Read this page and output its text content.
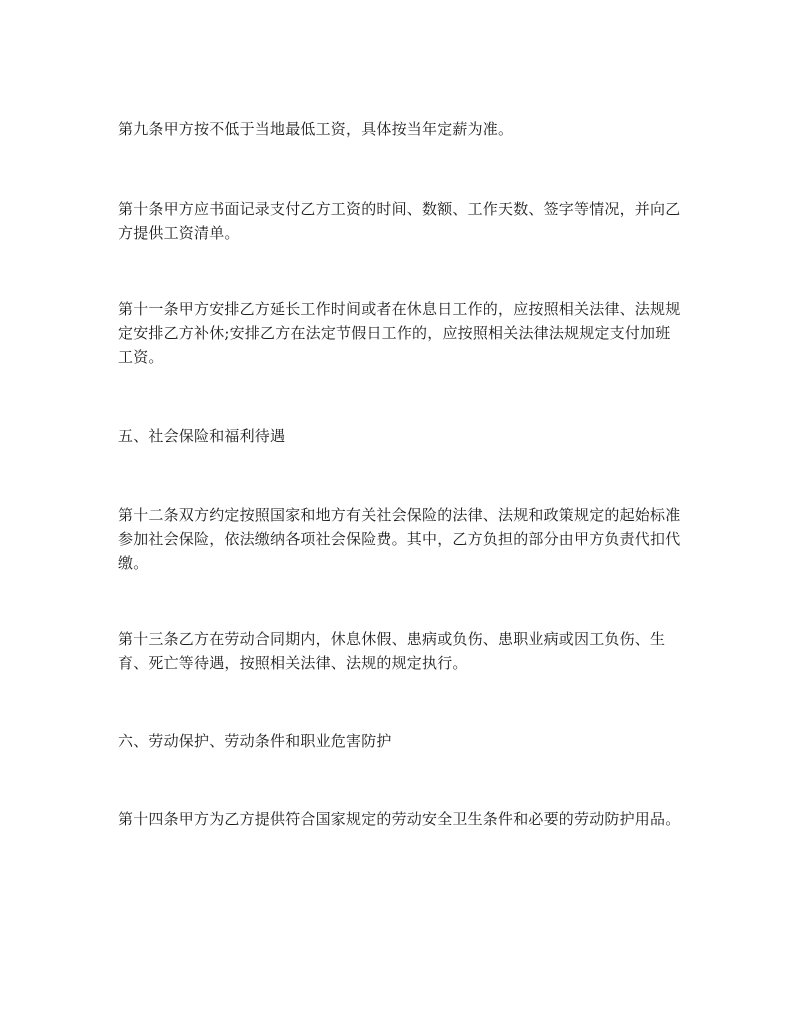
第九条甲方按不低于当地最低工资，具体按当年定薪为准。

第十条甲方应书面记录支付乙方工资的时间、数额、工作天数、签字等情况，并向乙方提供工资清单。

第十一条甲方安排乙方延长工作时间或者在休息日工作的，应按照相关法律、法规规定安排乙方补休;安排乙方在法定节假日工作的，应按照相关法律法规规定支付加班工资。

五、社会保险和福利待遇

第十二条双方约定按照国家和地方有关社会保险的法律、法规和政策规定的起始标准参加社会保险，依法缴纳各项社会保险费。其中，乙方负担的部分由甲方负责代扣代缴。

第十三条乙方在劳动合同期内，休息休假、患病或负伤、患职业病或因工负伤、生育、死亡等待遇，按照相关法律、法规的规定执行。

六、劳动保护、劳动条件和职业危害防护

第十四条甲方为乙方提供符合国家规定的劳动安全卫生条件和必要的劳动防护用品。
